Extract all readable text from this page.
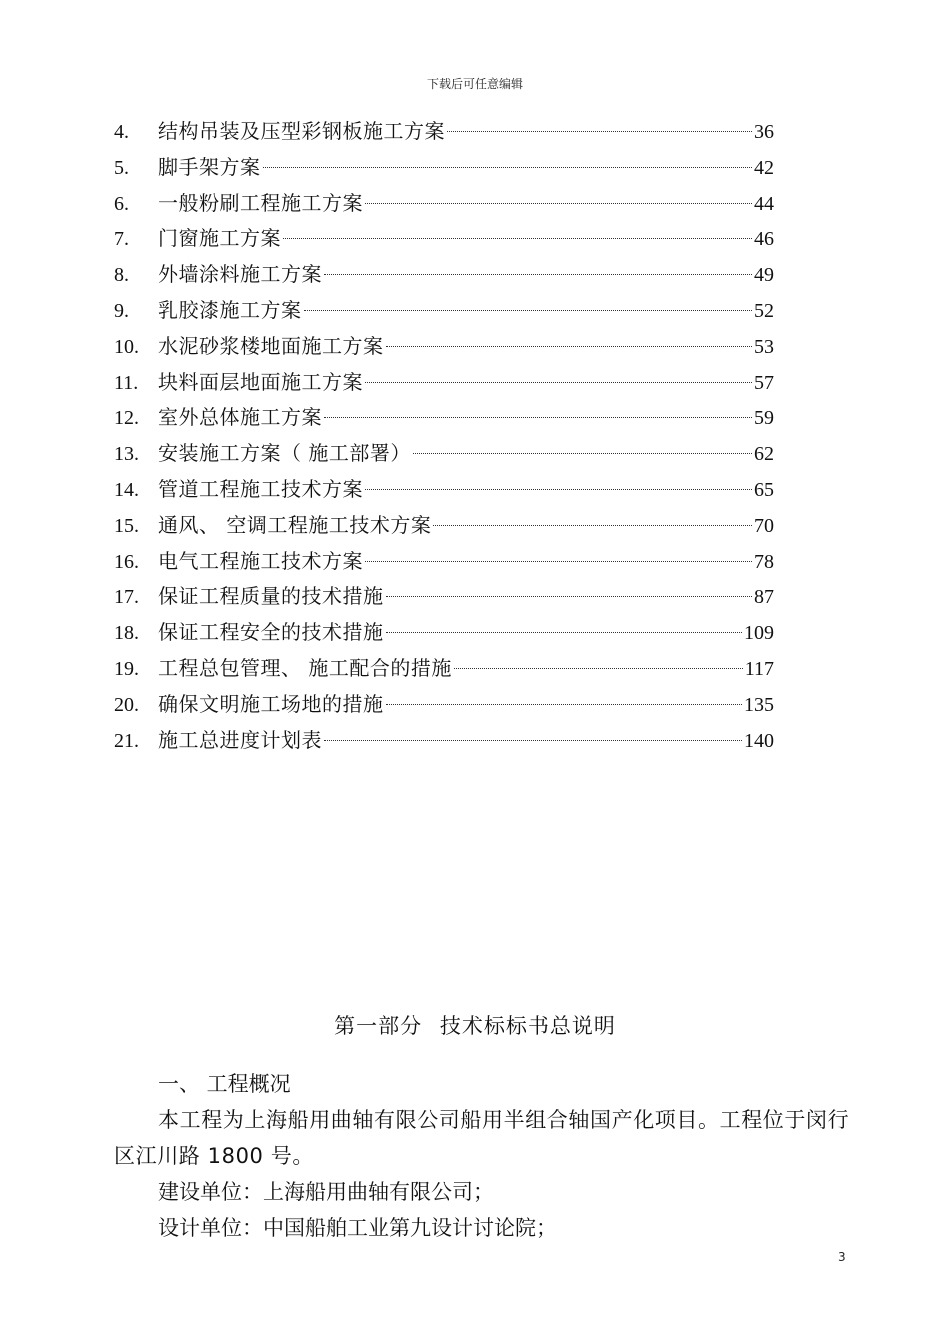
下载后可任意编辑
4.	结构吊装及压型彩钢板施工方案	36
5.	脚手架方案	42
6.	一般粉刷工程施工方案	44
7.	门窗施工方案	46
8.	外墙涂料施工方案	49
9.	乳胶漆施工方案	52
10. 水泥砂浆楼地面施工方案	53
11. 块料面层地面施工方案	57
12. 室外总体施工方案	59
13. 安装施工方案（ 施工部署）	62
14. 管道工程施工技术方案	65
15. 通风、 空调工程施工技术方案	70
16. 电气工程施工技术方案	78
17. 保证工程质量的技术措施	87
18. 保证工程安全的技术措施	109
19. 工程总包管理、 施工配合的措施	117
20. 确保文明施工场地的措施	135
21. 施工总进度计划表	140
第一部分 技术标标书总说明
一、 工程概况
本工程为上海船用曲轴有限公司船用半组合轴国产化项目。工程位于闵行区江川路 1800 号。
建设单位：上海船用曲轴有限公司；
设计单位：中国船舶工业第九设计讨论院；
3
